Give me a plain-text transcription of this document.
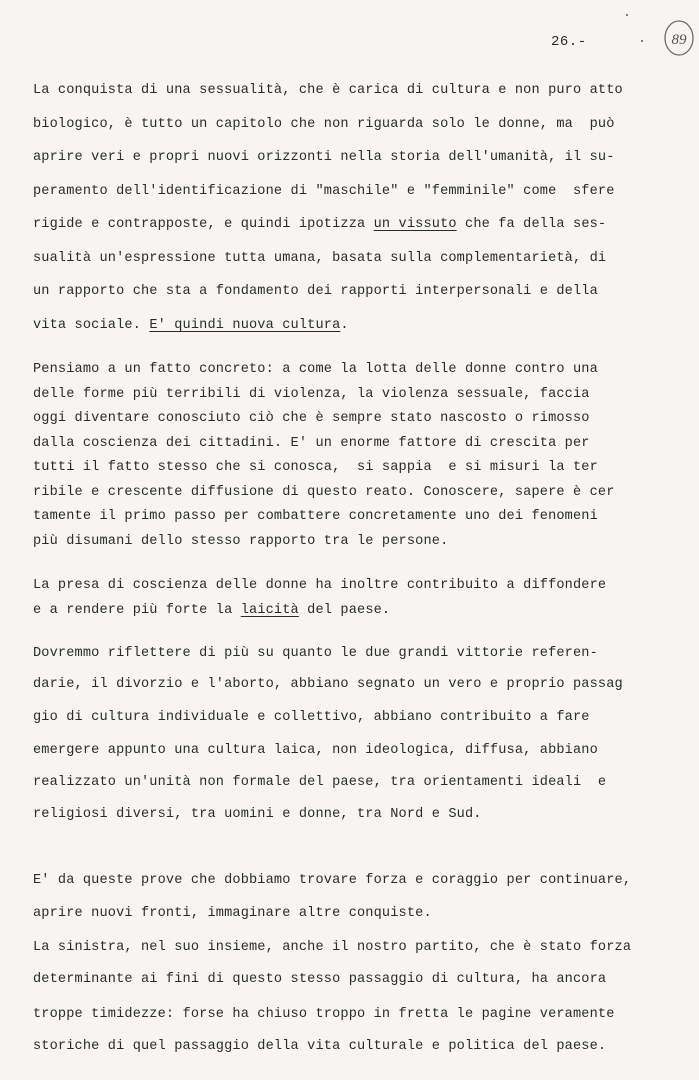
26.-	89
La conquista di una sessualità, che è carica di cultura e non puro atto
biologico, è tutto un capitolo che non riguarda solo le donne, ma  può
aprire veri e propri nuovi orizzonti nella storia dell'umanità, il su-
peramento dell'identificazione di "maschile" e "femminile" come  sfere
rigide e contrapposte, e quindi ipotizza un vissuto che fa della ses-
sualità un'espressione tutta umana, basata sulla complementarietà, di
un rapporto che sta a fondamento dei rapporti interpersonali e della
vita sociale. E' quindi nuova cultura.
Pensiamo a un fatto concreto: a come la lotta delle donne contro una
delle forme più terribili di violenza, la violenza sessuale, faccia
oggi diventare conosciuto ciò che è sempre stato nascosto o rimosso
dalla coscienza dei cittadini. E' un enorme fattore di crescita per
tutti il fatto stesso che si conosca,  si sappia  e si misuri la ter
ribile e crescente diffusione di questo reato. Conoscere, sapere è cer
tamente il primo passo per combattere concretamente uno dei fenomeni
più disumani dello stesso rapporto tra le persone.
La presa di coscienza delle donne ha inoltre contribuito a diffondere
e a rendere più forte la laicità del paese.
Dovremmo riflettere di più su quanto le due grandi vittorie referen-
darie, il divorzio e l'aborto, abbiano segnato un vero e proprio passag
gio di cultura individuale e collettivo, abbiano contribuito a fare
emergere appunto una cultura laica, non ideologica, diffusa, abbiano
realizzato un'unità non formale del paese, tra orientamenti ideali  e
religiosi diversi, tra uomini e donne, tra Nord e Sud.
E' da queste prove che dobbiamo trovare forza e coraggio per continuare,
aprire nuovi fronti, immaginare altre conquiste.
La sinistra, nel suo insieme, anche il nostro partito, che è stato forza
determinante ai fini di questo stesso passaggio di cultura, ha ancora
troppe timidezze: forse ha chiuso troppo in fretta le pagine veramente
storiche di quel passaggio della vita culturale e politica del paese.
